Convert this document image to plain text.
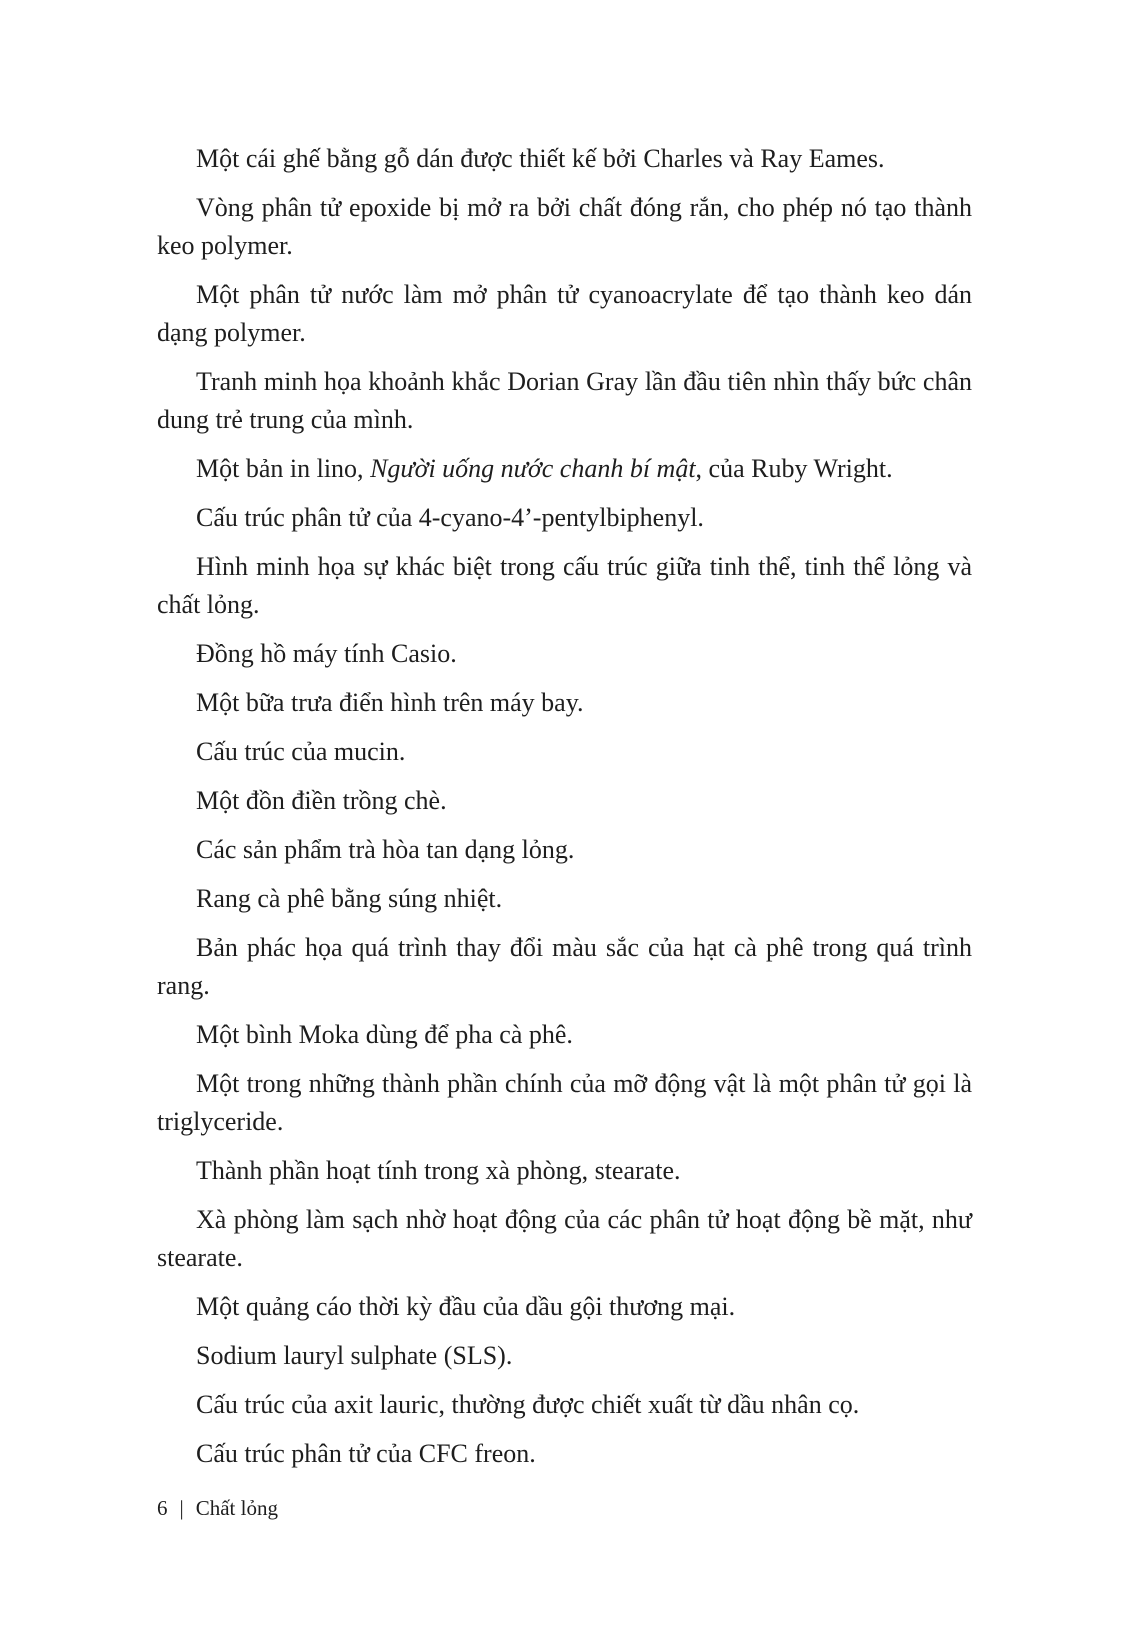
Một cái ghế bằng gỗ dán được thiết kế bởi Charles và Ray Eames.

Vòng phân tử epoxide bị mở ra bởi chất đóng rắn, cho phép nó tạo thành keo polymer.

Một phân tử nước làm mở phân tử cyanoacrylate để tạo thành keo dán dạng polymer.

Tranh minh họa khoảnh khắc Dorian Gray lần đầu tiên nhìn thấy bức chân dung trẻ trung của mình.

Một bản in lino, Người uống nước chanh bí mật, của Ruby Wright.

Cấu trúc phân tử của 4-cyano-4’-pentylbiphenyl.

Hình minh họa sự khác biệt trong cấu trúc giữa tinh thể, tinh thể lỏng và chất lỏng.

Đồng hồ máy tính Casio.

Một bữa trưa điển hình trên máy bay.

Cấu trúc của mucin.

Một đồn điền trồng chè.

Các sản phẩm trà hòa tan dạng lỏng.

Rang cà phê bằng súng nhiệt.

Bản phác họa quá trình thay đổi màu sắc của hạt cà phê trong quá trình rang.

Một bình Moka dùng để pha cà phê.

Một trong những thành phần chính của mỡ động vật là một phân tử gọi là triglyceride.

Thành phần hoạt tính trong xà phòng, stearate.

Xà phòng làm sạch nhờ hoạt động của các phân tử hoạt động bề mặt, như stearate.

Một quảng cáo thời kỳ đầu của dầu gội thương mại.

Sodium lauryl sulphate (SLS).

Cấu trúc của axit lauric, thường được chiết xuất từ dầu nhân cọ.

Cấu trúc phân tử của CFC freon.

6 | Chất lỏng
